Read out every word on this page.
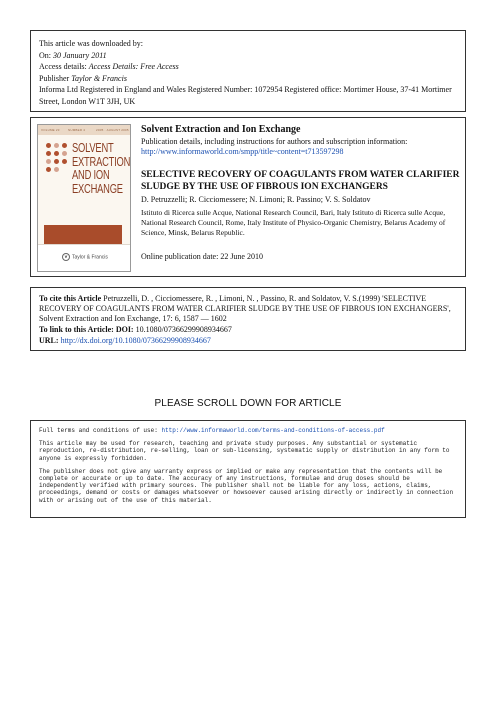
This article was downloaded by:
On: 30 January 2011
Access details: Access Details: Free Access
Publisher Taylor & Francis
Informa Ltd Registered in England and Wales Registered Number: 1072954 Registered office: Mortimer House, 37-41 Mortimer Street, London W1T 3JH, UK
VOLUME 23	NUMBER 4	2005 · AUGUST 2005
SOLVENT
EXTRACTION
AND ION
EXCHANGE
❦ Taylor & Francis
Solvent Extraction and Ion Exchange
Publication details, including instructions for authors and subscription information:
http://www.informaworld.com/smpp/title~content=t713597298
SELECTIVE RECOVERY OF COAGULANTS FROM WATER CLARIFIER SLUDGE BY THE USE OF FIBROUS ION EXCHANGERS
D. Petruzzelli; R. Cicciomessere; N. Limoni; R. Passino; V. S. Soldatov
Istituto di Ricerca sulle Acque, National Research Council, Bari, Italy Istituto di Ricerca sulle Acque, National Research Council, Rome, Italy Institute of Physico-Organic Chemistry, Belarus Academy of Science, Minsk, Belarus Republic.
Online publication date: 22 June 2010
To cite this Article Petruzzelli, D. , Cicciomessere, R. , Limoni, N. , Passino, R. and Soldatov, V. S.(1999) 'SELECTIVE RECOVERY OF COAGULANTS FROM WATER CLARIFIER SLUDGE BY THE USE OF FIBROUS ION EXCHANGERS', Solvent Extraction and Ion Exchange, 17: 6, 1587 — 1602
To link to this Article: DOI: 10.1080/07366299908934667
URL: http://dx.doi.org/10.1080/07366299908934667
PLEASE SCROLL DOWN FOR ARTICLE

Full terms and conditions of use: http://www.informaworld.com/terms-and-conditions-of-access.pdf

This article may be used for research, teaching and private study purposes. Any substantial or systematic reproduction, re-distribution, re-selling, loan or sub-licensing, systematic supply or distribution in any form to anyone is expressly forbidden.

The publisher does not give any warranty express or implied or make any representation that the contents will be complete or accurate or up to date. The accuracy of any instructions, formulae and drug doses should be independently verified with primary sources. The publisher shall not be liable for any loss, actions, claims, proceedings, demand or costs or damages whatsoever or howsoever caused arising directly or indirectly in connection with or arising out of the use of this material.
